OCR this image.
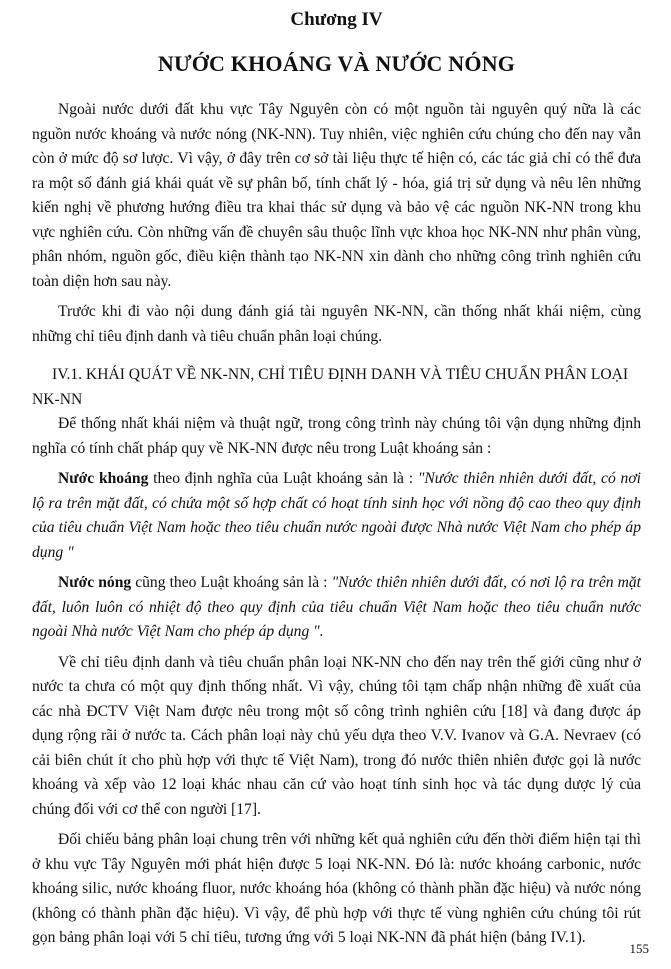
Chương IV
NƯỚC KHOÁNG VÀ NƯỚC NÓNG

Ngoài nước dưới đất khu vực Tây Nguyên còn có một nguồn tài nguyên quý nữa là các nguồn nước khoáng và nước nóng (NK-NN). Tuy nhiên, việc nghiên cứu chúng cho đến nay vẫn còn ở mức độ sơ lược. Vì vậy, ở đây trên cơ sở tài liệu thực tế hiện có, các tác giả chỉ có thể đưa ra một số đánh giá khái quát về sự phân bố, tính chất lý - hóa, giá trị sử dụng và nêu lên những kiến nghị về phương hướng điều tra khai thác sử dụng và bảo vệ các nguồn NK-NN trong khu vực nghiên cứu. Còn những vấn đề chuyên sâu thuộc lĩnh vực khoa học NK-NN như phân vùng, phân nhóm, nguồn gốc, điều kiện thành tạo NK-NN xin dành cho những công trình nghiên cứu toàn diện hơn sau này.

Trước khi đi vào nội dung đánh giá tài nguyên NK-NN, cần thống nhất khái niệm, cùng những chỉ tiêu định danh và tiêu chuẩn phân loại chúng.

IV.1. KHÁI QUÁT VỀ NK-NN, CHỈ TIÊU ĐỊNH DANH VÀ TIÊU CHUẨN PHÂN LOẠI NK-NN

Để thống nhất khái niệm và thuật ngữ, trong công trình này chúng tôi vận dụng những định nghĩa có tính chất pháp quy về NK-NN được nêu trong Luật khoáng sản :

Nước khoáng theo định nghĩa của Luật khoáng sản là : "Nước thiên nhiên dưới đất, có nơi lộ ra trên mặt đất, có chứa một số hợp chất có hoạt tính sinh học với nồng độ cao theo quy định của tiêu chuẩn Việt Nam hoặc theo tiêu chuẩn nước ngoài được Nhà nước Việt Nam cho phép áp dụng "

Nước nóng cũng theo Luật khoáng sản là : "Nước thiên nhiên dưới đất, có nơi lộ ra trên mặt đất, luôn luôn có nhiệt độ theo quy định của tiêu chuẩn Việt Nam hoặc theo tiêu chuẩn nước ngoài Nhà nước Việt Nam cho phép áp dụng ".

Về chỉ tiêu định danh và tiêu chuẩn phân loại NK-NN cho đến nay trên thế giới cũng như ở nước ta chưa có một quy định thống nhất. Vì vậy, chúng tôi tạm chấp nhận những đề xuất của các nhà ĐCTV Việt Nam được nêu trong một số công trình nghiên cứu [18] và đang được áp dụng rộng rãi ở nước ta. Cách phân loại này chủ yếu dựa theo V.V. Ivanov và G.A. Nevraev (có cải biên chút ít cho phù hợp với thực tế Việt Nam), trong đó nước thiên nhiên được gọi là nước khoáng và xếp vào 12 loại khác nhau căn cứ vào hoạt tính sinh học và tác dụng dược lý của chúng đối với cơ thể con người [17].

Đối chiếu bảng phân loại chung trên với những kết quả nghiên cứu đến thời điểm hiện tại thì ở khu vực Tây Nguyên mới phát hiện được 5 loại NK-NN. Đó là: nước khoáng carbonic, nước khoáng silic, nước khoáng fluor, nước khoáng hóa (không có thành phần đặc hiệu) và nước nóng (không có thành phần đặc hiệu). Vì vậy, để phù hợp với thực tế vùng nghiên cứu chúng tôi rút gọn bảng phân loại với 5 chỉ tiêu, tương ứng với 5 loại NK-NN đã phát hiện (bảng IV.1).

155
